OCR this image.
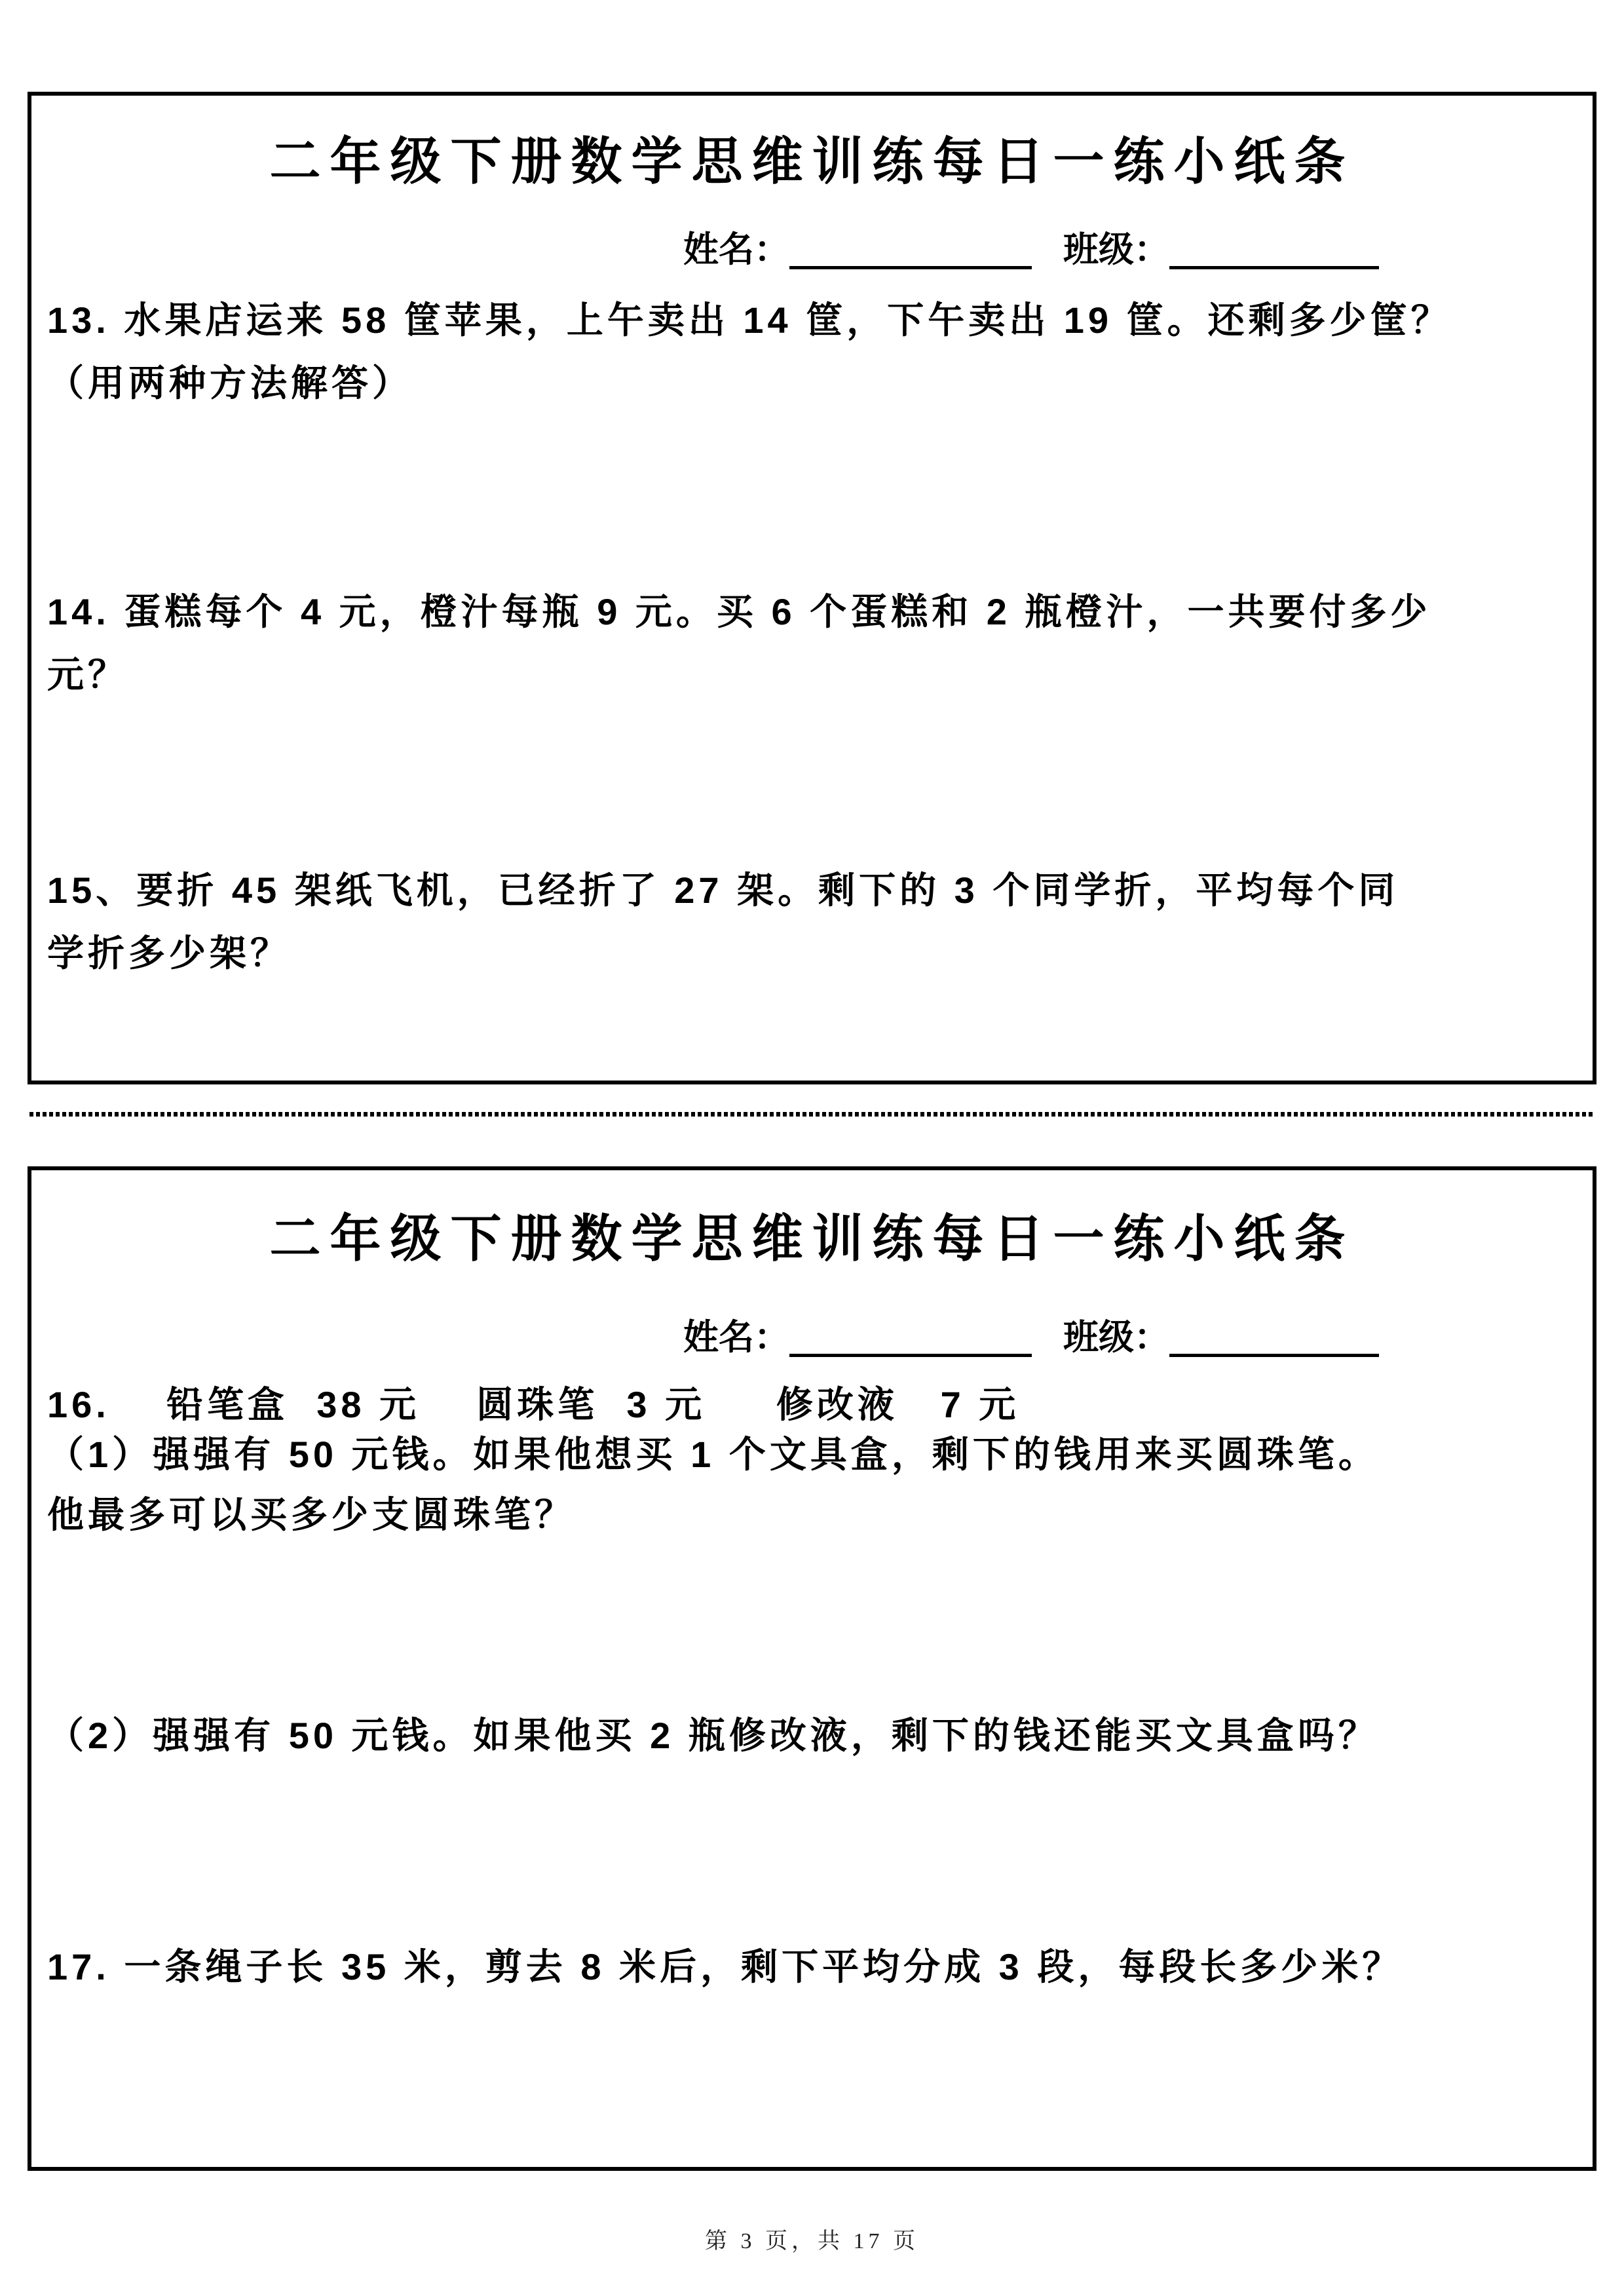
二年级下册数学思维训练每日一练小纸条
姓名：	班级：
13. 水果店运来 58 筐苹果，上午卖出 14 筐，下午卖出 19 筐。还剩多少筐？
（用两种方法解答）
14. 蛋糕每个 4 元，橙汁每瓶 9 元。买 6 个蛋糕和 2 瓶橙汁，一共要付多少
元？
15、要折 45 架纸飞机，已经折了 27 架。剩下的 3 个同学折，平均每个同
学折多少架？
二年级下册数学思维训练每日一练小纸条
姓名：	班级：
16.    铅笔盒  38 元    圆珠笔  3 元     修改液   7 元
（1）强强有 50 元钱。如果他想买 1 个文具盒，剩下的钱用来买圆珠笔。
他最多可以买多少支圆珠笔？
（2）强强有 50 元钱。如果他买 2 瓶修改液，剩下的钱还能买文具盒吗？
17. 一条绳子长 35 米，剪去 8 米后，剩下平均分成 3 段，每段长多少米？
第 3 页，共 17 页
